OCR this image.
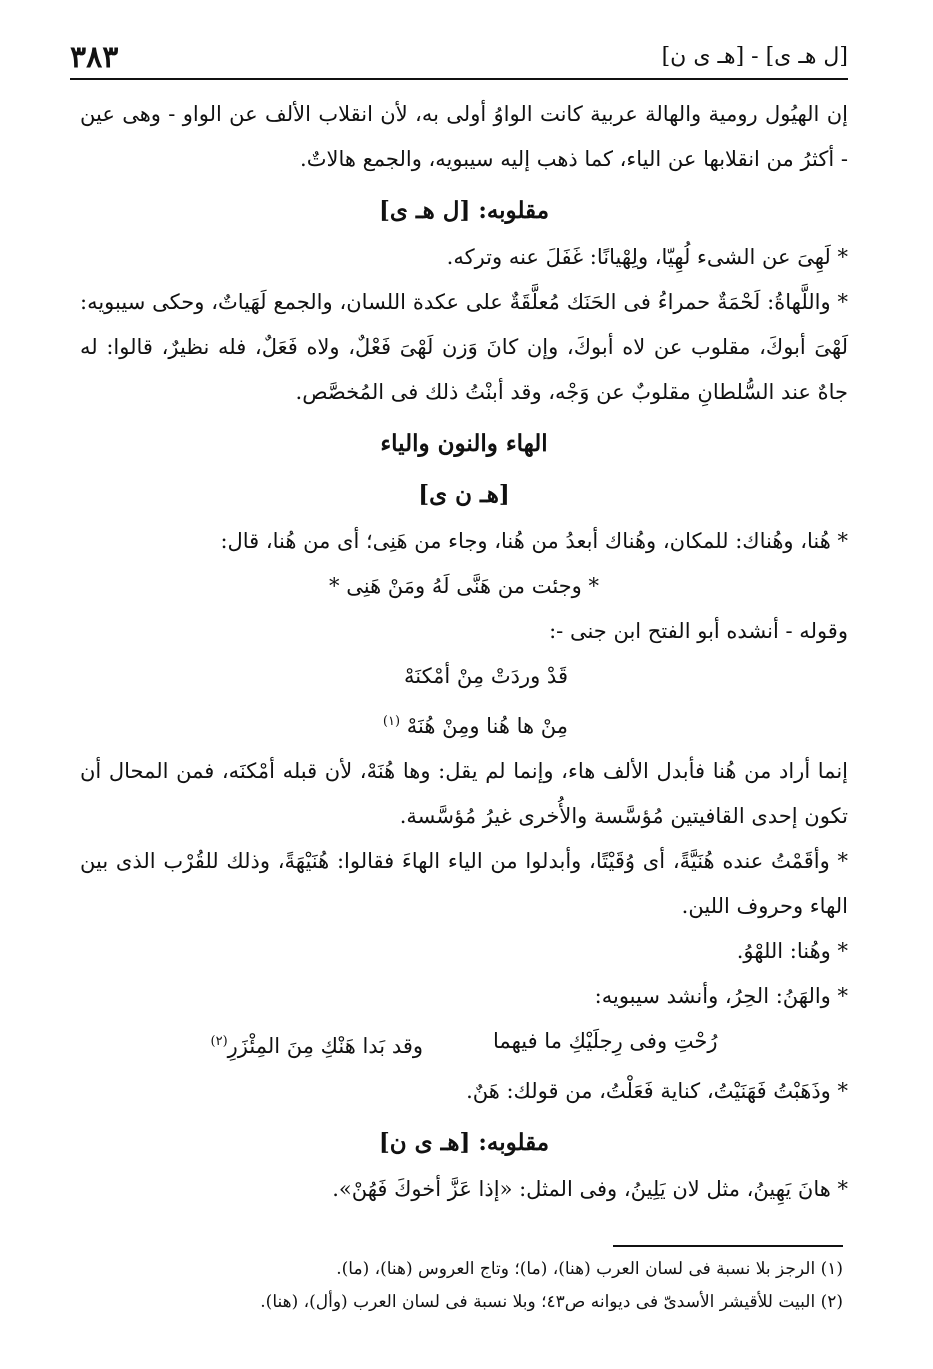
٣٨٣	[ل هـ ى] - [هـ ى ن]

إن الهيُول رومية والهالة عربية كانت الواوُ أولى به، لأن انقلاب الألف عن الواو - وهى عين - أكثرُ من انقلابها عن الياء، كما ذهب إليه سيبويه، والجمع هالاتٌ.

مقلوبه: [ل هـ ى]

* لَهِىَ عن الشىء لُهِيّا، ولِهْيانًا: غَفَلَ عنه وتركه.

* واللَّهاةُ: لَحْمَةٌ حمراءُ فى الحَنَك مُعلَّقَةٌ على عكدة اللسان، والجمع لَهَياتٌ، وحكى سيبويه: لَهْىَ أبوكَ، مقلوب عن لاه أبوكَ، وإن كانَ وَزن لَهْىَ فَعْلٌ، ولاه فَعَلٌ، فله نظيرٌ، قالوا: له جاهٌ عند السُّلطانِ مقلوبٌ عن وَجْه، وقد أبنْتُ ذلك فى المُخصَّص.

الهاء والنون والياء
[هـ ن ى]

* هُنا، وهُناك: للمكان، وهُناك أبعدُ من هُنا، وجاء من هَنِى؛ أى من هُنا، قال:

* وجئت من هَنَّى لَهُ ومَنْ هَنِى *

وقوله - أنشده أبو الفتح ابن جنى -:

قَدْ وردَتْ مِنْ أمْكنَهْ
مِنْ ها هُنا ومِنْ هُنَهْ $^{(١)}$

إنما أراد من هُنا فأبدل الألف هاء، وإنما لم يقل: وها هُنَهْ، لأن قبله أمْكنَه، فمن المحال أن تكون إحدى القافيتين مُؤسَّسة والأُخرى غيرُ مُؤسَّسة.

* وأقَمْتُ عنده هُنَيَّةً، أى وُقَيْتًا، وأبدلوا من الياء الهاءَ فقالوا: هُنَيْهَةً، وذلك للقُرْب الذى بين الهاء وحروف اللين.

* وهُنا: اللهْوُ.

* والهَنُ: الحِرُ، وأنشد سيبويه:

رُحْتِ وفى رِجلَيْكِ ما فيهما
وقد بَدا هَنْكِ مِنَ المِئْزَرِ$^{(٢)}$

* وذَهَبْتُ فَهَنَيْتُ، كناية فَعَلْتُ، من قولك: هَنٌ.

مقلوبه: [هـ ى ن]

* هانَ يَهِينُ، مثل لان يَلِينُ، وفى المثل: «إذا عَزَّ أخوكَ فَهُنْ».

(١) الرجز بلا نسبة فى لسان العرب (هنا)، (ما)؛ وتاج العروس (هنا)، (ما).

(٢) البيت للأقيشر الأسدىّ فى ديوانه ص٤٣؛ وبلا نسبة فى لسان العرب (وأل)، (هنا).
